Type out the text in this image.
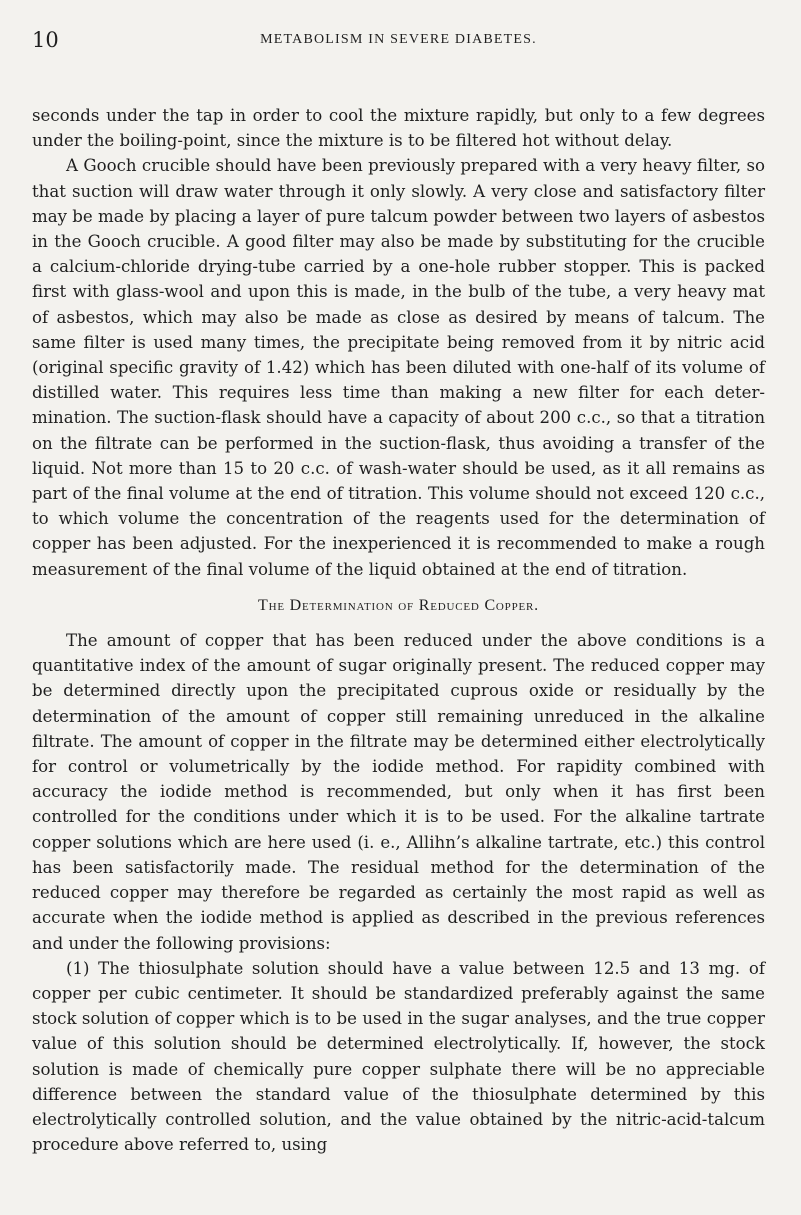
10	METABOLISM IN SEVERE DIABETES.

seconds under the tap in order to cool the mixture rapidly, but only to a few degrees under the boiling-point, since the mixture is to be filtered hot without delay.

A Gooch crucible should have been previously prepared with a very heavy filter, so that suction will draw water through it only slowly. A very close and satisfactory filter may be made by placing a layer of pure talcum powder between two layers of asbestos in the Gooch crucible. A good filter may also be made by substituting for the crucible a calcium-chloride drying-tube carried by a one-hole rubber stopper. This is packed first with glass-wool and upon this is made, in the bulb of the tube, a very heavy mat of asbestos, which may also be made as close as desired by means of talcum. The same filter is used many times, the precipitate being removed from it by nitric acid (original specific gravity of 1.42) which has been diluted with one-half of its volume of distilled water. This requires less time than making a new filter for each determination. The suction-flask should have a capacity of about 200 c.c., so that a titration on the filtrate can be performed in the suction-flask, thus avoiding a transfer of the liquid. Not more than 15 to 20 c.c. of wash-water should be used, as it all remains as part of the final volume at the end of titration. This volume should not exceed 120 c.c., to which volume the concentration of the reagents used for the determination of copper has been adjusted. For the inexperienced it is recommended to make a rough measurement of the final volume of the liquid obtained at the end of titration.

The Determination of Reduced Copper.

The amount of copper that has been reduced under the above conditions is a quantitative index of the amount of sugar originally present. The reduced copper may be determined directly upon the precipitated cuprous oxide or residually by the determination of the amount of copper still remaining unreduced in the alkaline filtrate. The amount of copper in the filtrate may be determined either electrolytically for control or volumetrically by the iodide method. For rapidity combined with accuracy the iodide method is recommended, but only when it has first been controlled for the conditions under which it is to be used. For the alkaline tartrate copper solutions which are here used (i. e., Allihn’s alkaline tartrate, etc.) this control has been satisfactorily made. The residual method for the determination of the reduced copper may therefore be regarded as certainly the most rapid as well as accurate when the iodide method is applied as described in the previous references and under the following provisions:

(1) The thiosulphate solution should have a value between 12.5 and 13 mg. of copper per cubic centimeter. It should be standardized preferably against the same stock solution of copper which is to be used in the sugar analyses, and the true copper value of this solution should be determined electrolytically. If, however, the stock solution is made of chemically pure copper sulphate there will be no appreciable difference between the standard value of the thiosulphate determined by this electrolytically controlled solution, and the value obtained by the nitric-acid-talcum procedure above referred to, using
